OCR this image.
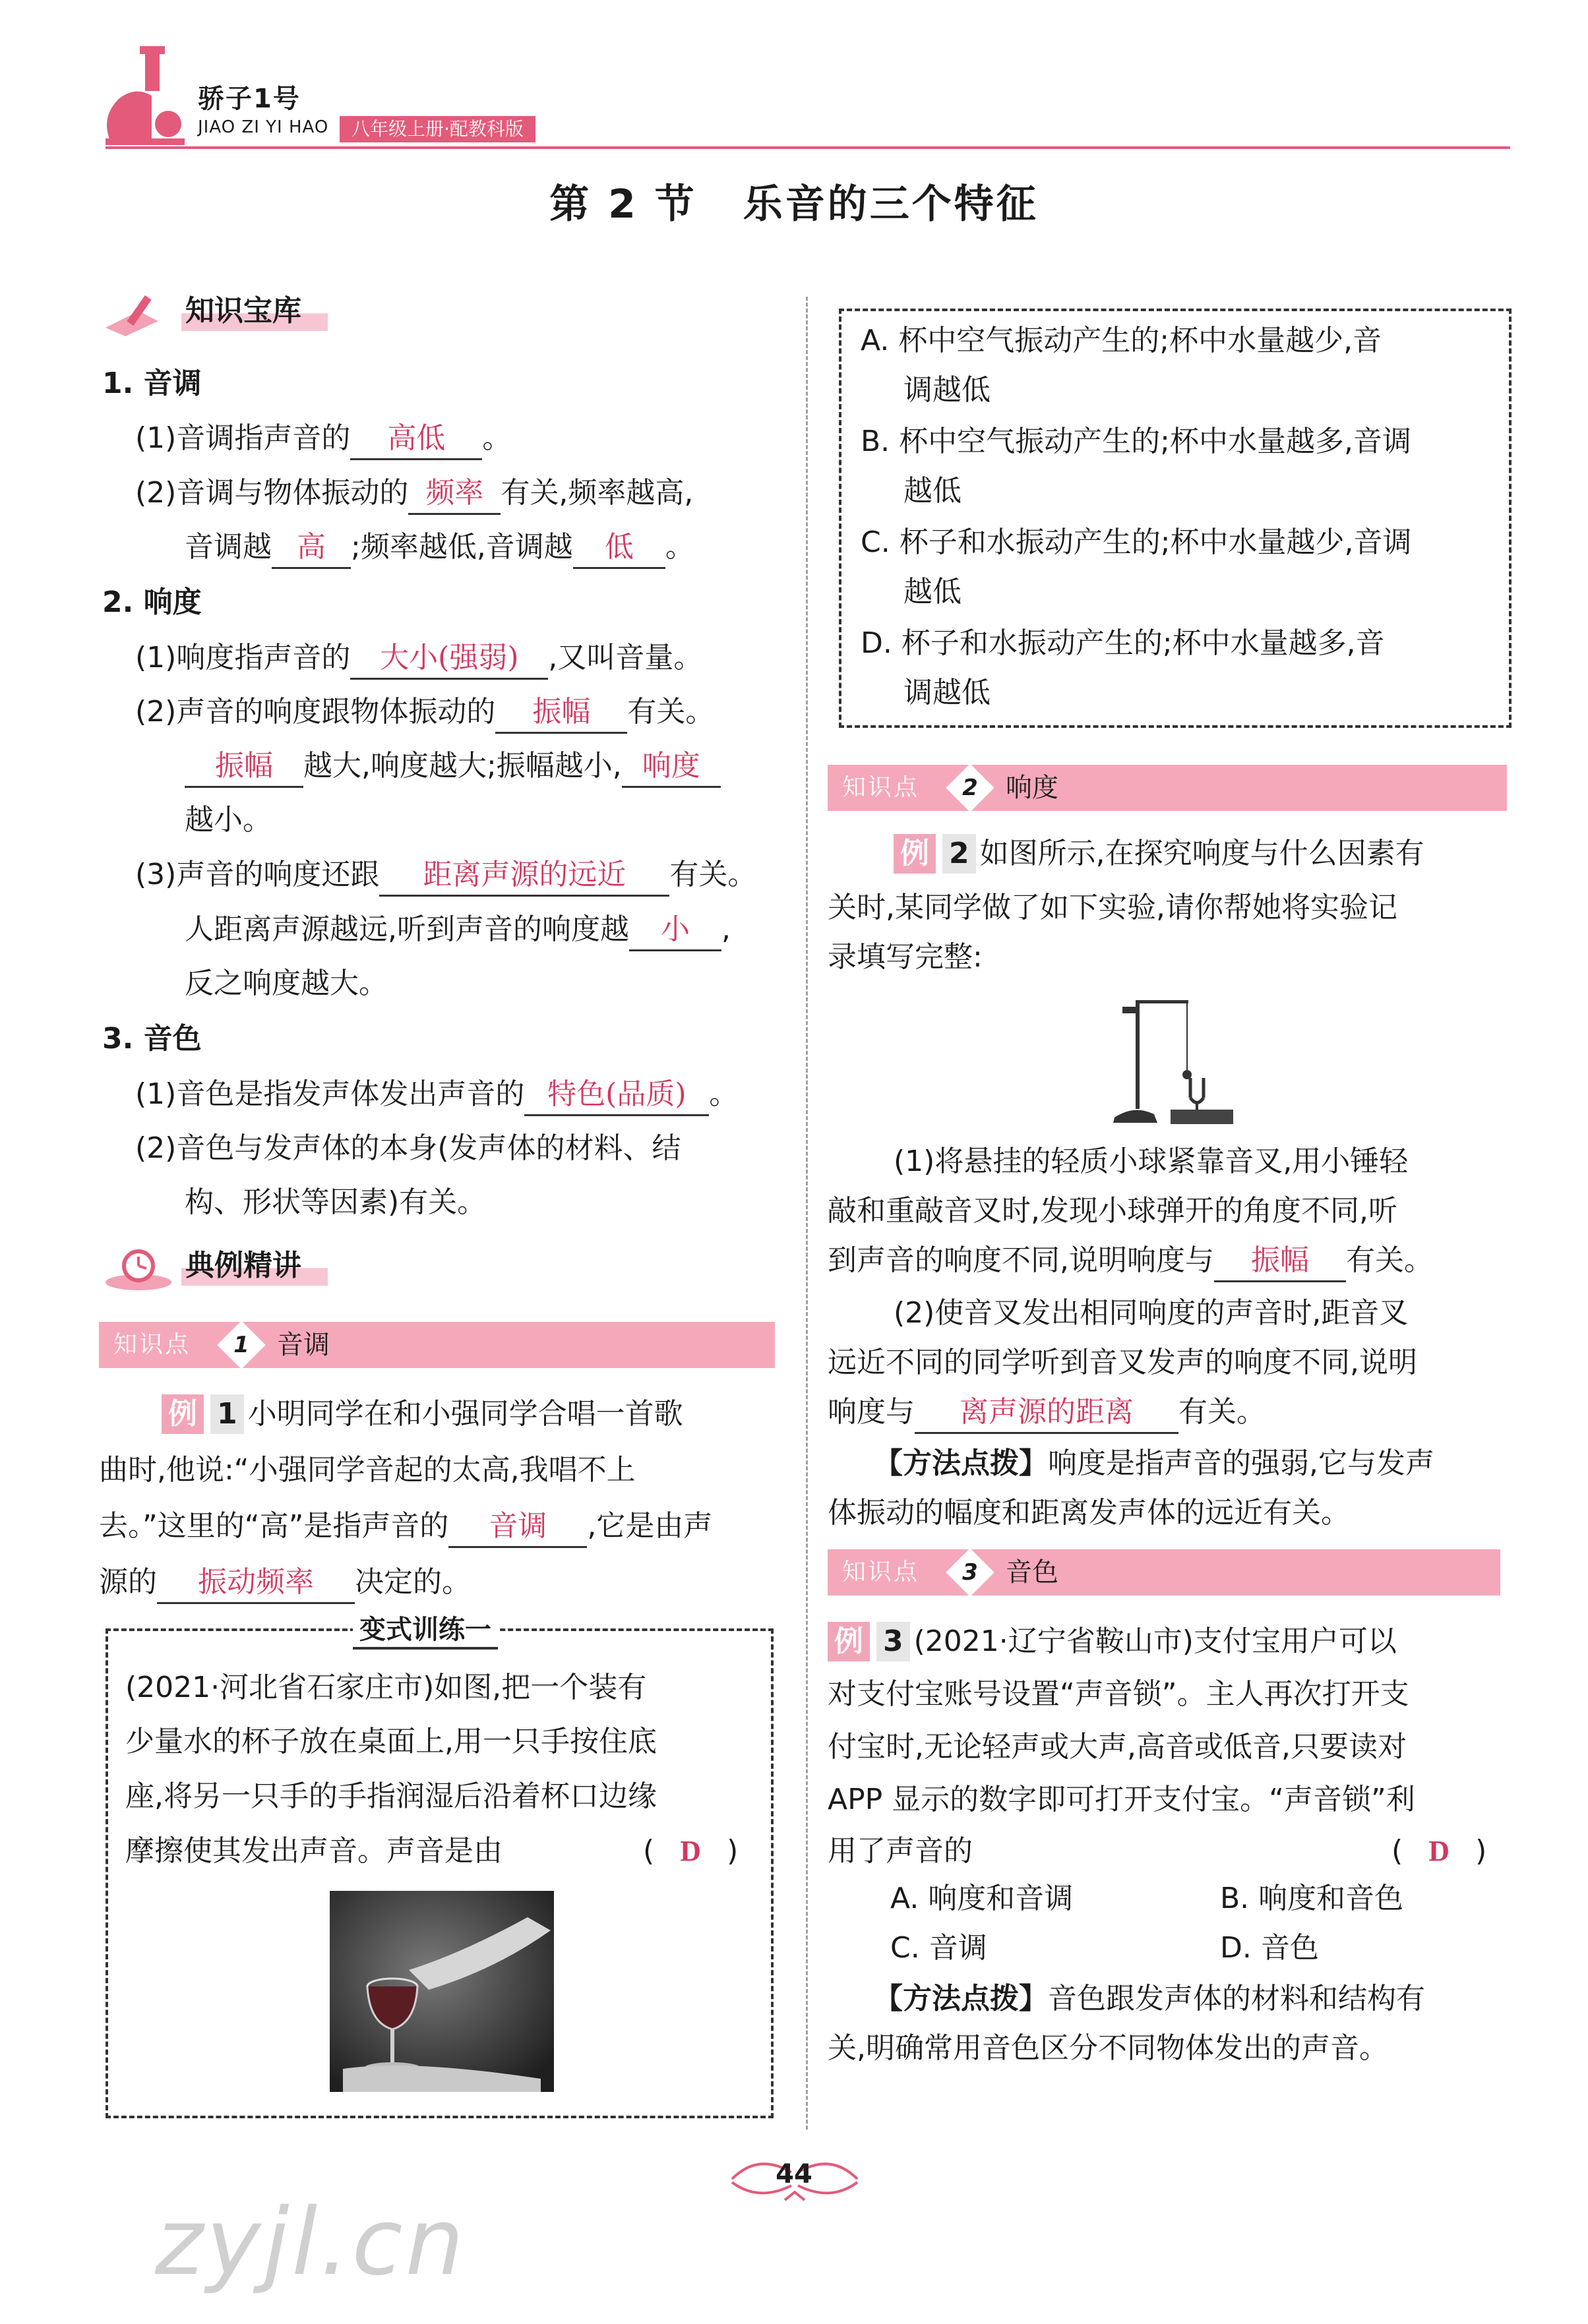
骄子1号
JIAO ZI YI HAO	八年级上册·配教科版
第 2 节 乐音的三个特征
知识宝库
1. 音调
(1)音调指声音的 高低 。
(2)音调与物体振动的 频率 有关,频率越高,
音调越 高 ;频率越低,音调越 低 。
2. 响度
(1)响度指声音的 大小(强弱) ,又叫音量。
(2)声音的响度跟物体振动的 振幅 有关。
振幅 越大,响度越大;振幅越小, 响度
越小。
(3)声音的响度还跟 距离声源的远近 有关。
人距离声源越远,听到声音的响度越 小 ,
反之响度越大。
3. 音色
(1)音色是指发声体发出声音的 特色(品质) 。
(2)音色与发声体的本身(发声体的材料、结
构、形状等因素)有关。
典例精讲
知识点	1	音调
例 1 小明同学在和小强同学合唱一首歌
曲时,他说:“小强同学音起的太高,我唱不上
去。”这里的“高”是指声音的 音调 ,它是由声
源的 振动频率 决定的。
变式训练一
(2021·河北省石家庄市)如图,把一个装有
少量水的杯子放在桌面上,用一只手按住底
座,将另一只手的手指润湿后沿着杯口边缘
摩擦使其发出声音。声音是由	( D )
A. 杯中空气振动产生的;杯中水量越少,音
调越低
B. 杯中空气振动产生的;杯中水量越多,音调
越低
C. 杯子和水振动产生的;杯中水量越少,音调
越低
D. 杯子和水振动产生的;杯中水量越多,音
调越低
知识点	2	响度
例 2 如图所示,在探究响度与什么因素有
关时,某同学做了如下实验,请你帮她将实验记
录填写完整:
(1)将悬挂的轻质小球紧靠音叉,用小锤轻
敲和重敲音叉时,发现小球弹开的角度不同,听
到声音的响度不同,说明响度与 振幅 有关。
(2)使音叉发出相同响度的声音时,距音叉
远近不同的同学听到音叉发声的响度不同,说明
响度与 离声源的距离 有关。
【方法点拨】响度是指声音的强弱,它与发声
体振动的幅度和距离发声体的远近有关。
知识点	3	音色
例 3 (2021·辽宁省鞍山市)支付宝用户可以
对支付宝账号设置“声音锁”。主人再次打开支
付宝时,无论轻声或大声,高音或低音,只要读对
APP 显示的数字即可打开支付宝。“声音锁”利
用了声音的	( D )
A. 响度和音调	B. 响度和音色
C. 音调	D. 音色
【方法点拨】音色跟发声体的材料和结构有
关,明确常用音色区分不同物体发出的声音。
44
zyjl.cn
